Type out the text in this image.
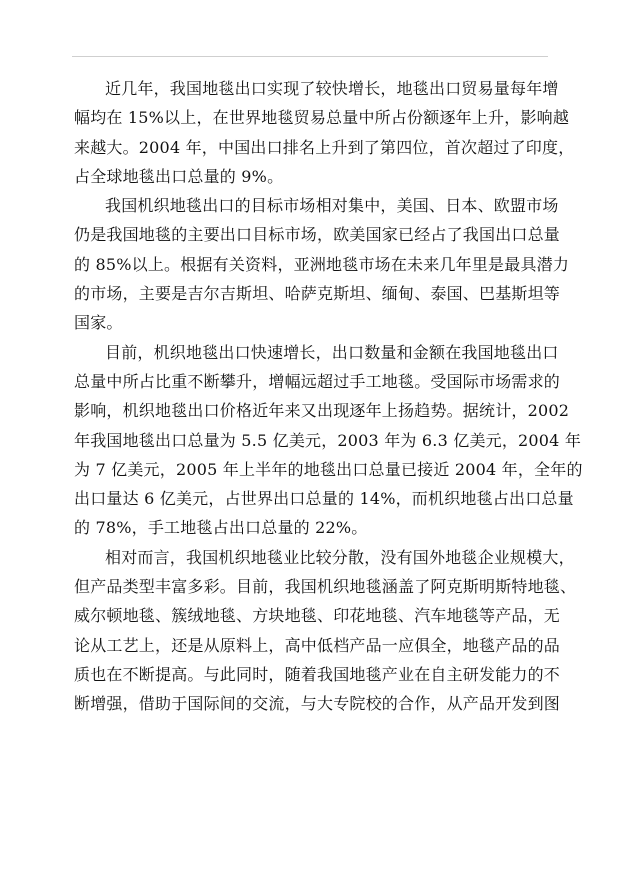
近几年，我国地毯出口实现了较快增长，地毯出口贸易量每年增
幅均在 15%以上，在世界地毯贸易总量中所占份额逐年上升，影响越
来越大。2004 年，中国出口排名上升到了第四位，首次超过了印度，
占全球地毯出口总量的 9%。

我国机织地毯出口的目标市场相对集中，美国、日本、欧盟市场
仍是我国地毯的主要出口目标市场，欧美国家已经占了我国出口总量
的 85%以上。根据有关资料，亚洲地毯市场在未来几年里是最具潜力
的市场，主要是吉尔吉斯坦、哈萨克斯坦、缅甸、泰国、巴基斯坦等
国家。

目前，机织地毯出口快速增长，出口数量和金额在我国地毯出口
总量中所占比重不断攀升，增幅远超过手工地毯。受国际市场需求的
影响，机织地毯出口价格近年来又出现逐年上扬趋势。据统计，2002
年我国地毯出口总量为 5.5 亿美元，2003 年为 6.3 亿美元，2004 年
为 7 亿美元，2005 年上半年的地毯出口总量已接近 2004 年，全年的
出口量达 6 亿美元，占世界出口总量的 14%，而机织地毯占出口总量
的 78%，手工地毯占出口总量的 22%。

相对而言，我国机织地毯业比较分散，没有国外地毯企业规模大，
但产品类型丰富多彩。目前，我国机织地毯涵盖了阿克斯明斯特地毯、
威尔顿地毯、簇绒地毯、方块地毯、印花地毯、汽车地毯等产品，无
论从工艺上，还是从原料上，高中低档产品一应俱全，地毯产品的品
质也在不断提高。与此同时，随着我国地毯产业在自主研发能力的不
断增强，借助于国际间的交流，与大专院校的合作，从产品开发到图
